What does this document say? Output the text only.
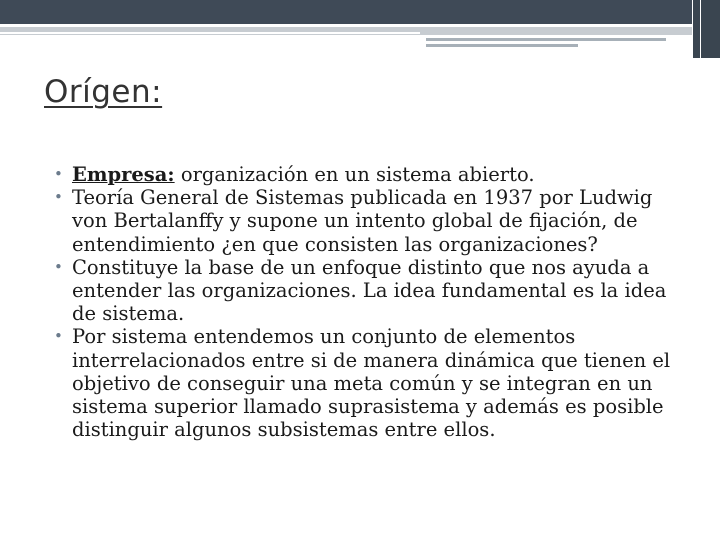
Orígen:
• Empresa: organización en un sistema abierto.
• Teoría General de Sistemas publicada en 1937 por Ludwig von Bertalanffy y supone un intento global de fijación, de entendimiento ¿en que consisten las organizaciones?
• Constituye la base de un enfoque distinto que nos ayuda a entender las organizaciones. La idea fundamental es la idea de sistema.
• Por sistema entendemos un conjunto de elementos interrelacionados entre si de manera dinámica que tienen el objetivo de conseguir una meta común y se integran en un sistema superior llamado suprasistema y además es posible distinguir algunos subsistemas entre ellos.
